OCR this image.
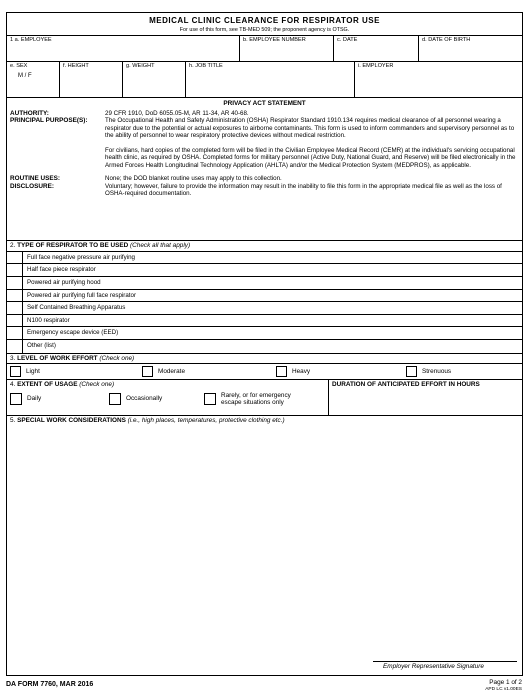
MEDICAL CLINIC CLEARANCE FOR RESPIRATOR USE
For use of this form, see TB-MED 509; the proponent agency is OTSG.
1 a. EMPLOYEE	b. EMPLOYEE NUMBER	c. DATE	d. DATE OF BIRTH
e. SEX
M / F
f. HEIGHT	g. WEIGHT	h. JOB TITLE	i. EMPLOYER
PRIVACY ACT STATEMENT
AUTHORITY:	29 CFR 1910, DoD 6055.05-M, AR 11-34, AR 40-68.
PRINCIPAL PURPOSE(S):	The Occupational Health and Safety Administration (OSHA) Respirator Standard 1910.134 requires medical clearance of all personnel wearing a respirator due to the potential or actual exposures to airborne contaminants. This form is used to inform commanders and supervisory personnel as to the ability of personnel to wear respiratory protective devices without medical restriction.
For civilians, hard copies of the completed form will be filed in the Civilian Employee Medical Record (CEMR) at the individual's servicing occupational health clinic, as required by OSHA. Completed forms for military personnel (Active Duty, National Guard, and Reserve) will be filed electronically in the Armed Forces Health Longitudinal Technology Application (AHLTA) and/or the Medical Protection System (MEDPROS), as applicable.
ROUTINE USES:	None; the DOD blanket routine uses may apply to this collection.
DISCLOSURE:	Voluntary; however, failure to provide the information may result in the inability to file this form in the appropriate medical file as well as the loss of OSHA-required documentation.
2. TYPE OF RESPIRATOR TO BE USED (Check all that apply)
Full face negative pressure air purifying
Half face piece respirator
Powered air purifying hood
Powered air purifying full face respirator
Self Contained Breathing Apparatus
N100 respirator
Emergency escape device (EED)
Other (list)
3. LEVEL OF WORK EFFORT (Check one)
Light	Moderate	Heavy	Strenuous
4. EXTENT OF USAGE (Check one)
Daily	Occasionally
Rarely, or for emergency
escape situations only
DURATION OF ANTICIPATED EFFORT IN HOURS
5. SPECIAL WORK CONSIDERATIONS (i.e., high places, temperatures, protective clothing etc.)
Employer Representative Signature
DA FORM 7760, MAR 2016	Page 1 of 2
APD LC v1.00ES
